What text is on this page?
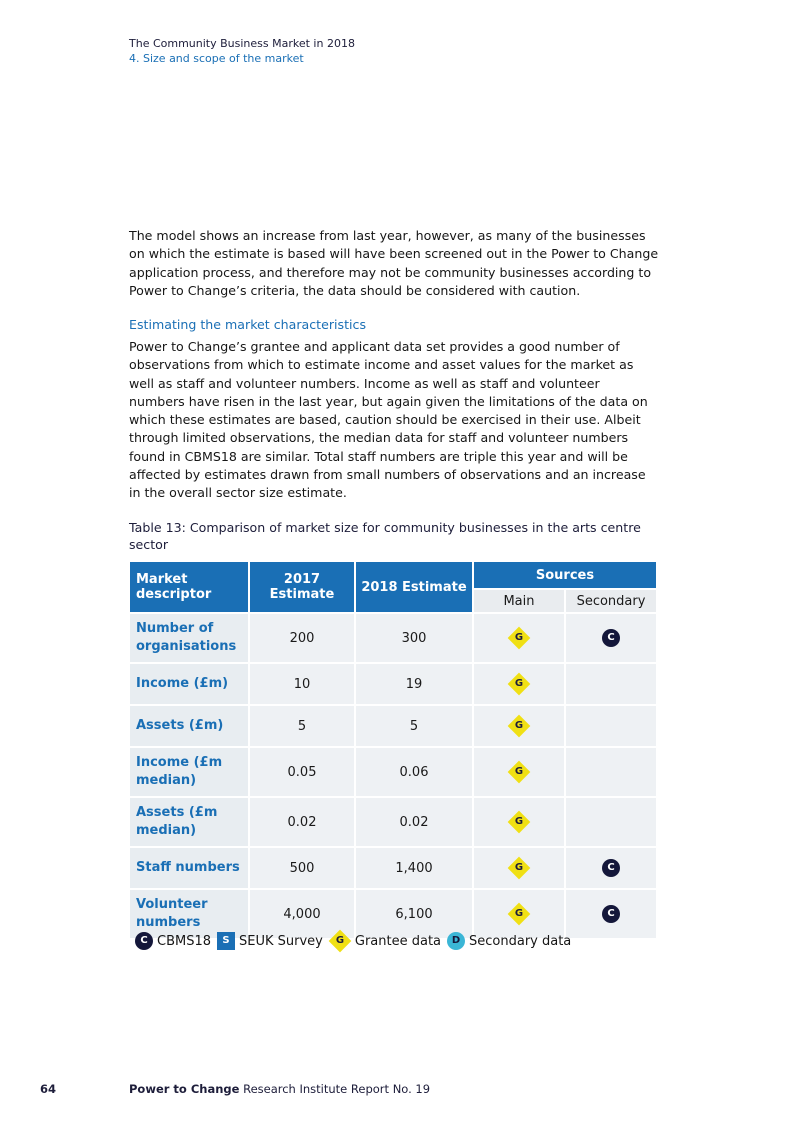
The Community Business Market in 2018
4. Size and scope of the market
The model shows an increase from last year, however, as many of the businesses on which the estimate is based will have been screened out in the Power to Change application process, and therefore may not be community businesses according to Power to Change’s criteria, the data should be considered with caution.
Estimating the market characteristics
Power to Change’s grantee and applicant data set provides a good number of observations from which to estimate income and asset values for the market as well as staff and volunteer numbers. Income as well as staff and volunteer numbers have risen in the last year, but again given the limitations of the data on which these estimates are based, caution should be exercised in their use. Albeit through limited observations, the median data for staff and volunteer numbers found in CBMS18 are similar. Total staff numbers are triple this year and will be affected by estimates drawn from small numbers of observations and an increase in the overall sector size estimate.
Table 13: Comparison of market size for community businesses in the arts centre sector
Market descriptor	2017 Estimate	2018 Estimate	Sources	
			Main	Secondary
Number of organisations	200	300	G	C
Income (£m)	10	19	G	

Assets (£m)	5	5	G	

Income (£m median)	0.05	0.06	G	

Assets (£m median)	0.02	0.02	G	

Staff numbers	500	1,400	G	C
Volunteer numbers	4,000	6,100	G	C
C CBMS18	S SEUK Survey	G Grantee data	D Secondary data
64	Power to Change Research Institute Report No. 19
